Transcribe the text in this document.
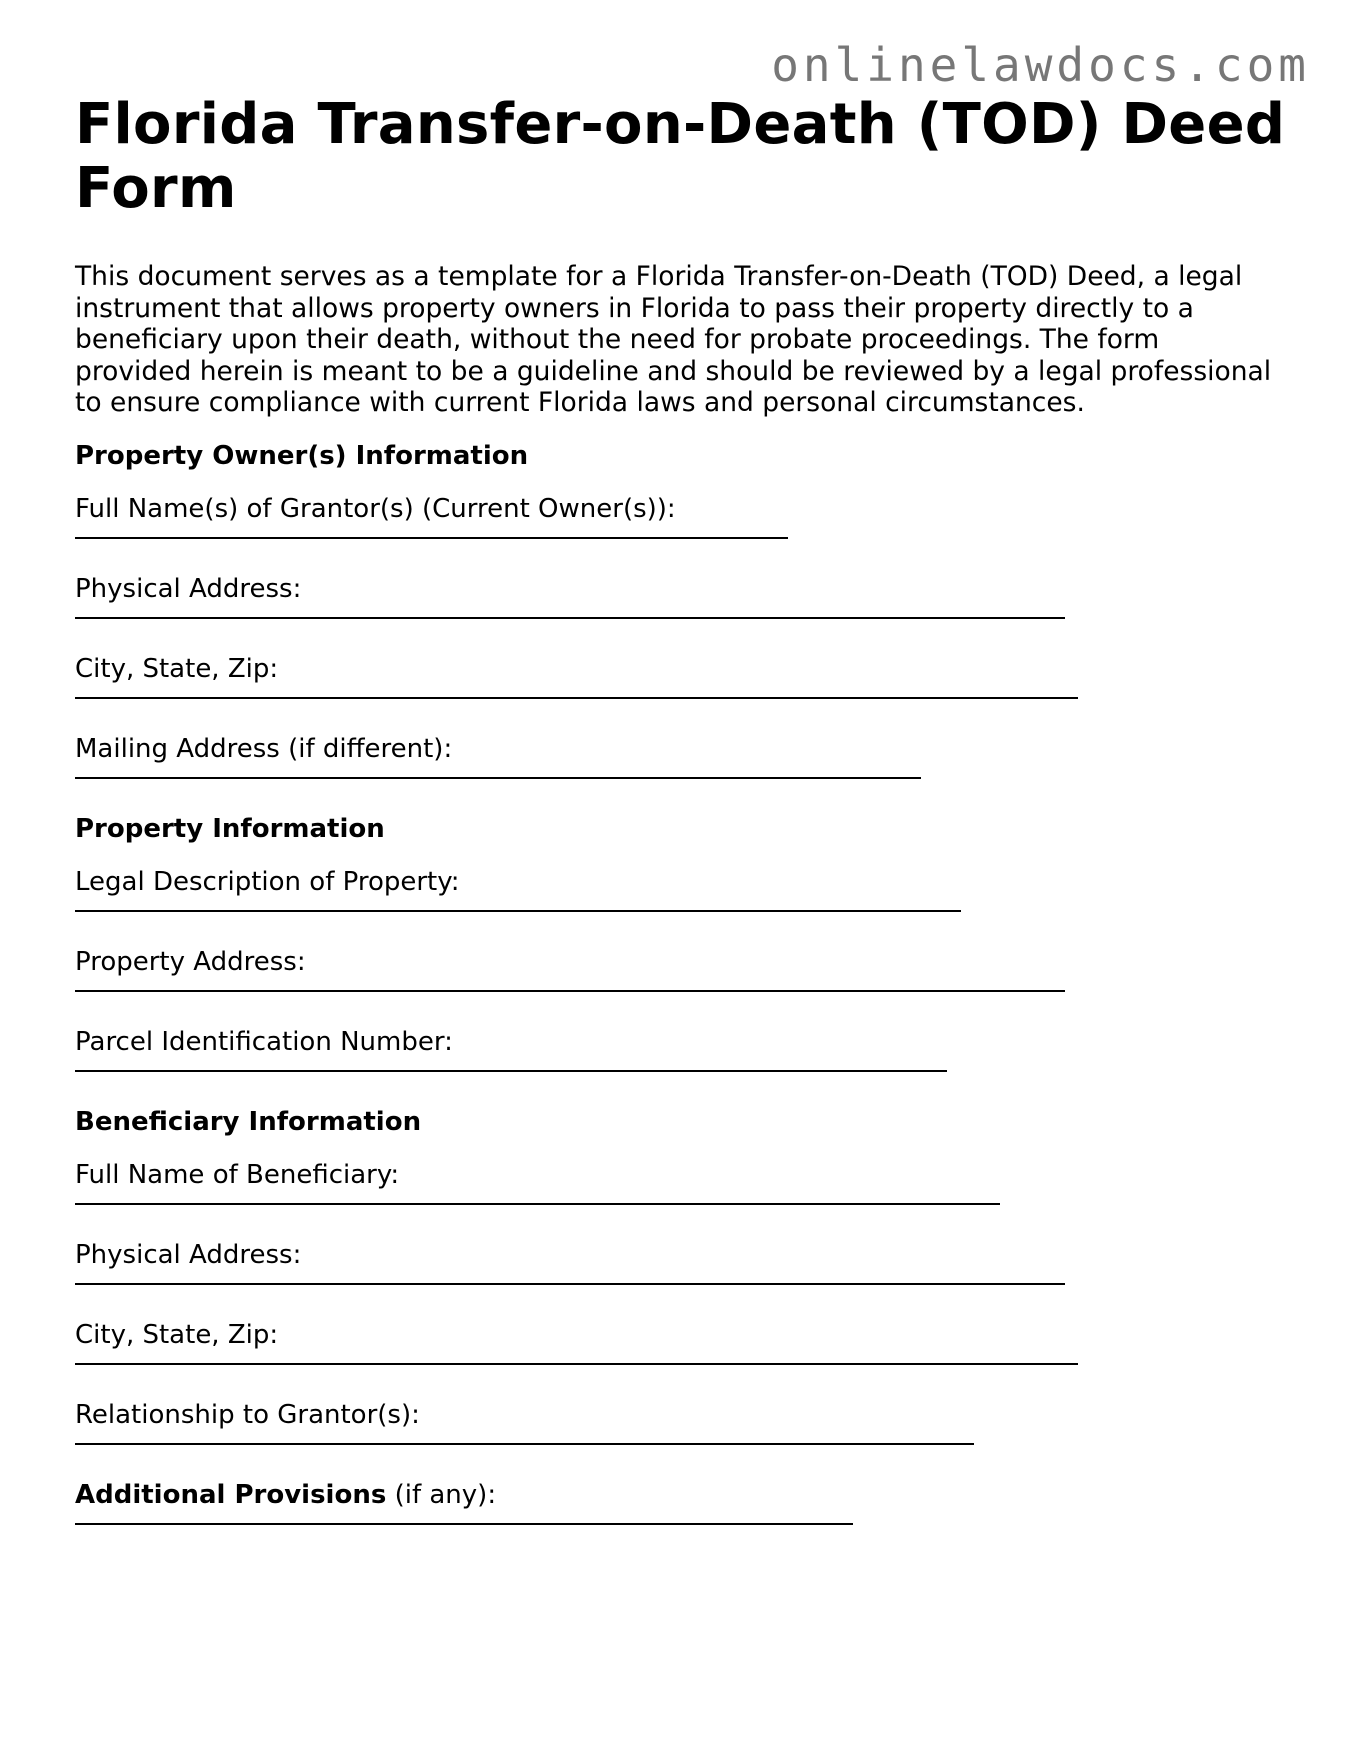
onlinelawdocs.com
Florida Transfer-on-Death (TOD) Deed Form

This document serves as a template for a Florida Transfer-on-Death (TOD) Deed, a legal instrument that allows property owners in Florida to pass their property directly to a beneficiary upon their death, without the need for probate proceedings. The form provided herein is meant to be a guideline and should be reviewed by a legal professional to ensure compliance with current Florida laws and personal circumstances.

Property Owner(s) Information
Full Name(s) of Grantor(s) (Current Owner(s)):
Physical Address:
City, State, Zip:
Mailing Address (if different):
Property Information
Legal Description of Property:
Property Address:
Parcel Identification Number:
Beneficiary Information
Full Name of Beneficiary:
Physical Address:
City, State, Zip:
Relationship to Grantor(s):
Additional Provisions (if any):
